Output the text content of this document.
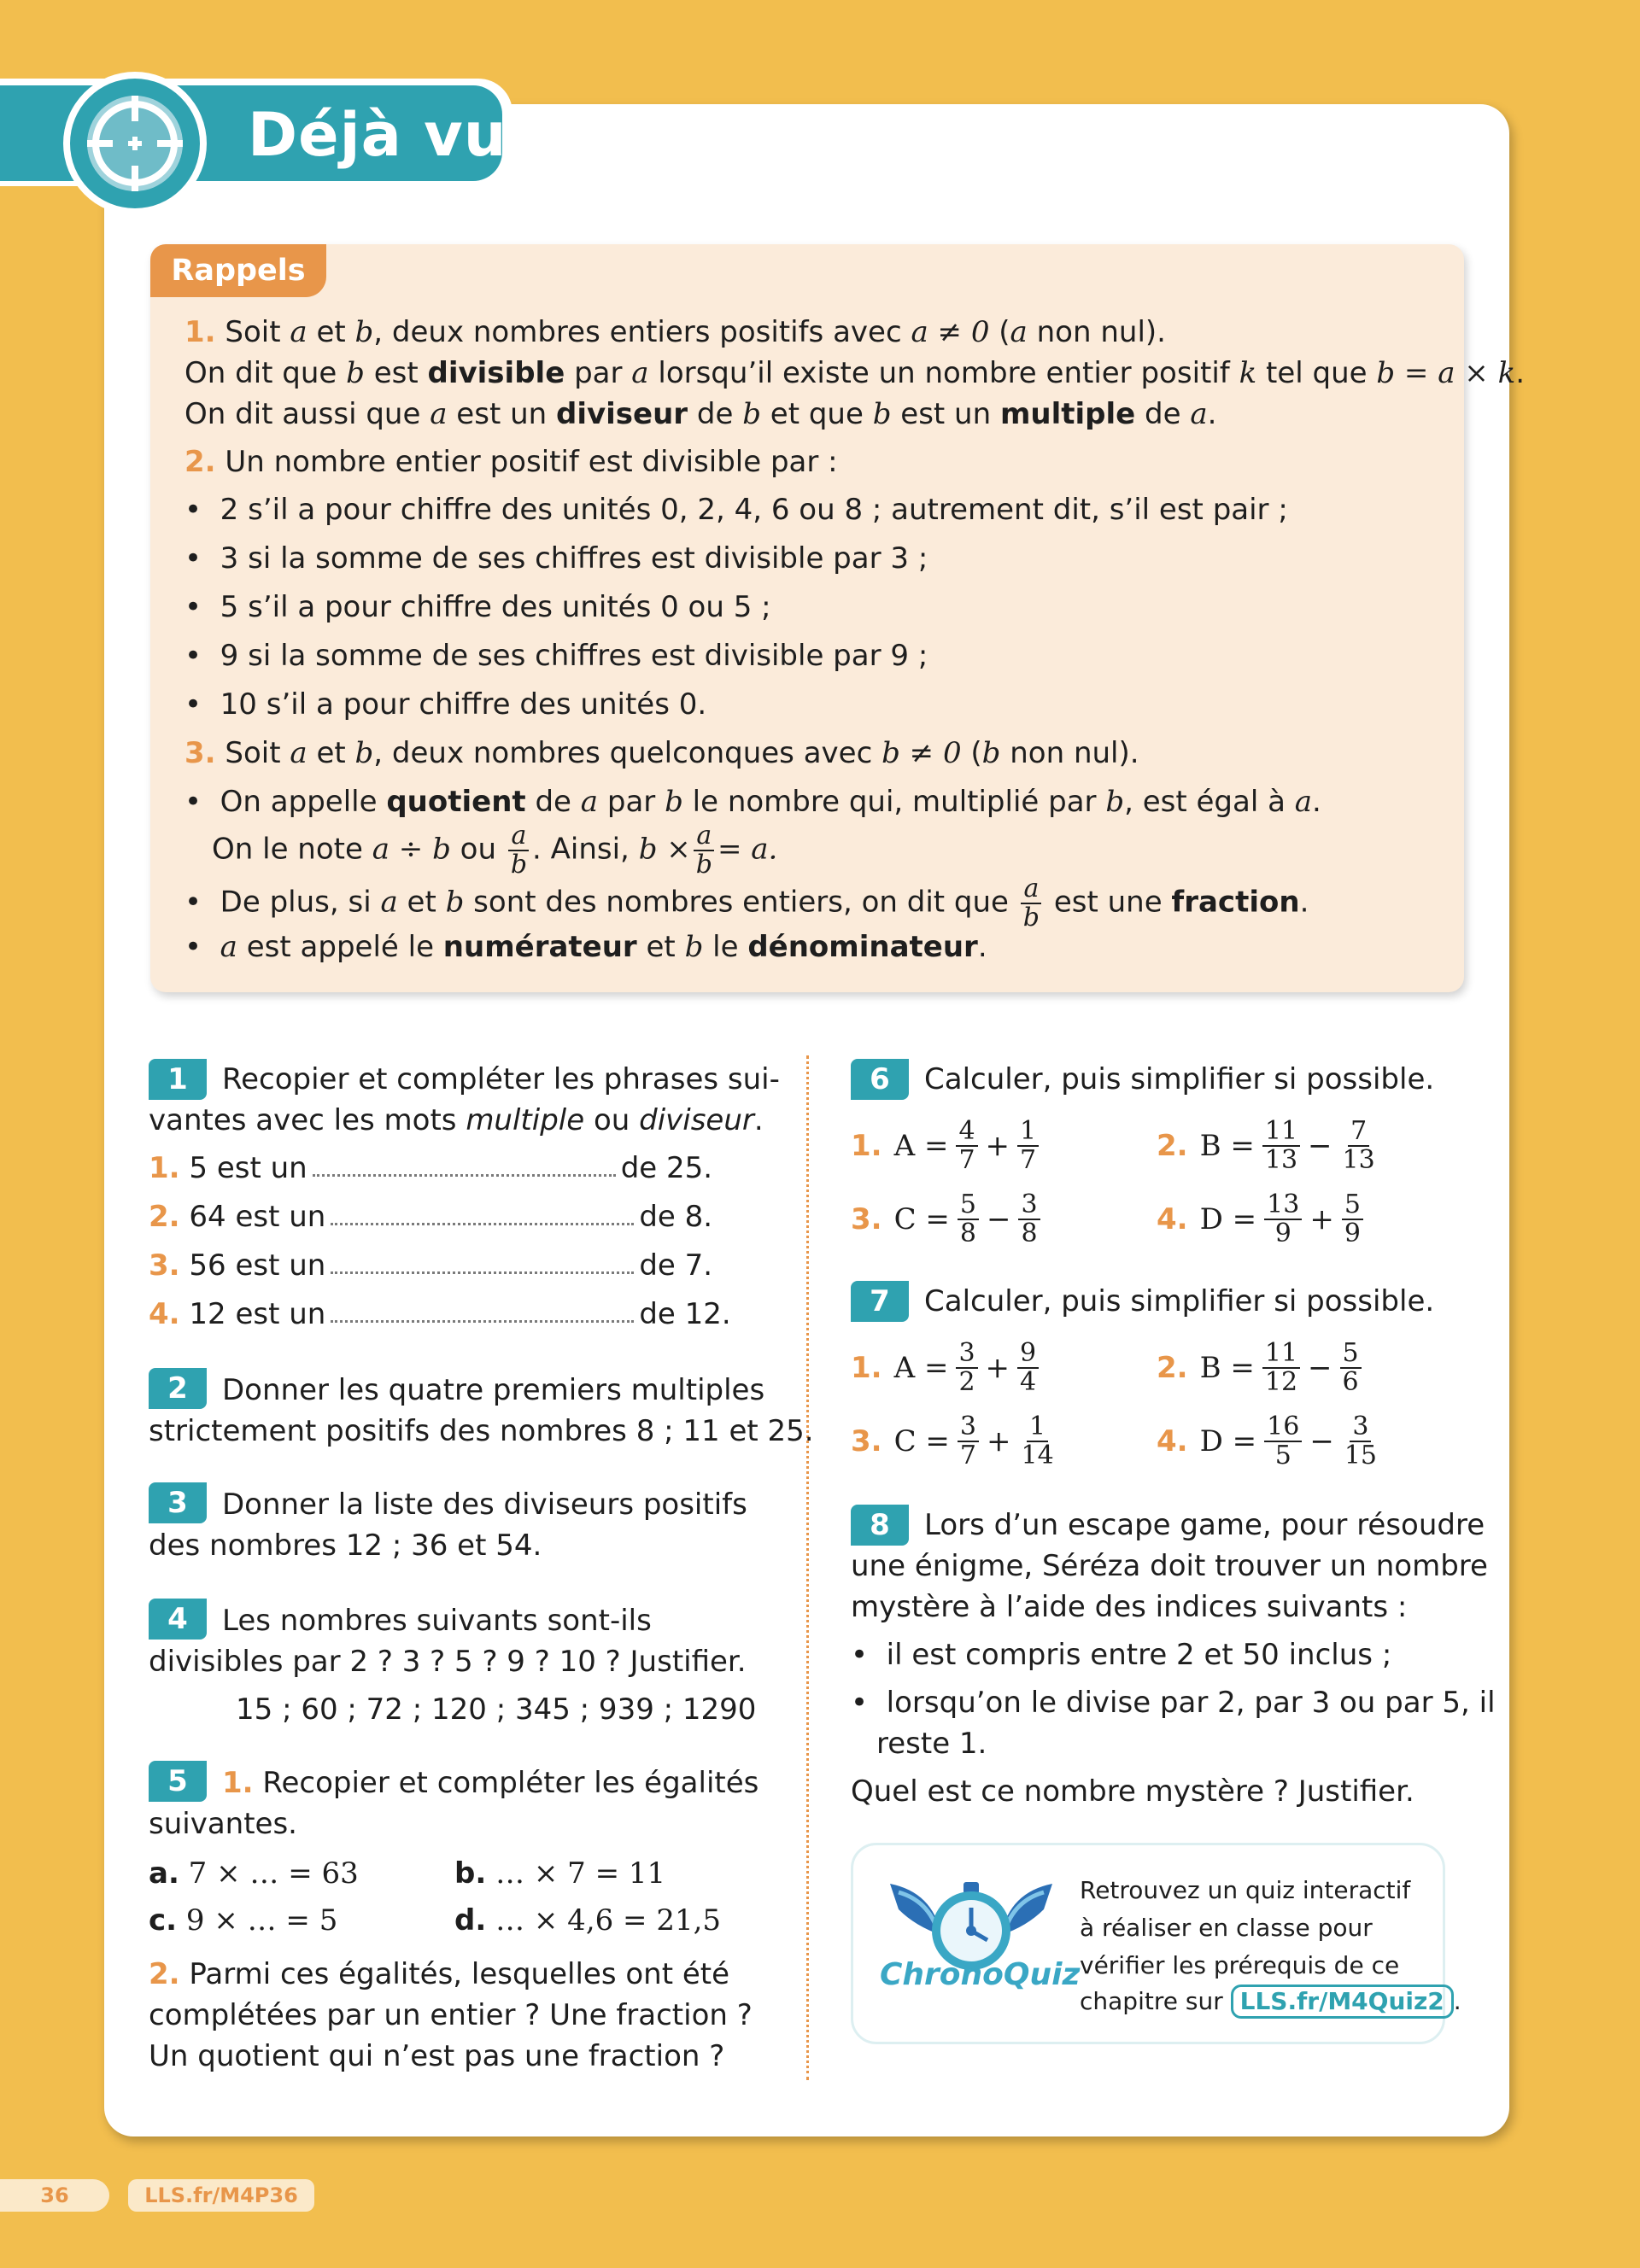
Déjà vu
Rappels
1. Soit a et b, deux nombres entiers positifs avec a ≠ 0 (a non nul).
On dit que b est divisible par a lorsqu’il existe un nombre entier positif k tel que b = a × k.
On dit aussi que a est un diviseur de b et que b est un multiple de a.
2. Un nombre entier positif est divisible par :
•  2 s’il a pour chiffre des unités 0, 2, 4, 6 ou 8 ; autrement dit, s’il est pair ;
•  3 si la somme de ses chiffres est divisible par 3 ;
•  5 s’il a pour chiffre des unités 0 ou 5 ;
•  9 si la somme de ses chiffres est divisible par 9 ;
•  10 s’il a pour chiffre des unités 0.
3. Soit a et b, deux nombres quelconques avec b ≠ 0 (b non nul).
•  On appelle quotient de a par b le nombre qui, multiplié par b, est égal à a.
On le note a ÷ b ou $\frac{a}{b}$ . Ainsi, $b \times \frac{a}{b} = a$.
•  De plus, si a et b sont des nombres entiers, on dit que $\frac{a}{b}$ est une fraction.
•  a est appelé le numérateur et b le dénominateur.
1	Recopier et compléter les phrases sui-
vantes avec les mots multiple ou diviseur.
1. 5 est un	de 25.
2. 64 est un	de 8.
3. 56 est un	de 7.
4. 12 est un	de 12.
2	Donner les quatre premiers multiples
strictement positifs des nombres 8 ; 11 et 25.
3	Donner la liste des diviseurs positifs
des nombres 12 ; 36 et 54.
4	Les nombres suivants sont-ils
divisibles par 2 ? 3 ? 5 ? 9 ? 10 ? Justifier.
15 ; 60 ; 72 ; 120 ; 345 ; 939 ; 1290
5	1. Recopier et compléter les égalités
suivantes.
a. 7 × … = 63	b. … × 7 = 11
c. 9 × … = 5	d. … × 4,6 = 21,5
2. Parmi ces égalités, lesquelles ont été
complétées par un entier ? Une fraction ?
Un quotient qui n’est pas une fraction ?
6	Calculer, puis simplifier si possible.
1. $A = \frac{4}{7} + \frac{1}{7}$	2. $B = \frac{11}{13} - \frac{7}{13}$
3. $C = \frac{5}{8} - \frac{3}{8}$	4. $D = \frac{13}{9} + \frac{5}{9}$
7	Calculer, puis simplifier si possible.
1. $A = \frac{3}{2} + \frac{9}{4}$	2. $B = \frac{11}{12} - \frac{5}{6}$
3. $C = \frac{3}{7} + \frac{1}{14}$	4. $D = \frac{16}{5} - \frac{3}{15}$
8	Lors d’un escape game, pour résoudre
une énigme, Séréza doit trouver un nombre
mystère à l’aide des indices suivants :
•  il est compris entre 2 et 50 inclus ;
•  lorsqu’on le divise par 2, par 3 ou par 5, il
reste 1.
Quel est ce nombre mystère ? Justifier.
ChronoQuiz
Retrouvez un quiz interactif
à réaliser en classe pour
vérifier les prérequis de ce
chapitre sur LLS.fr/M4Quiz2 .
36	LLS.fr/M4P36
